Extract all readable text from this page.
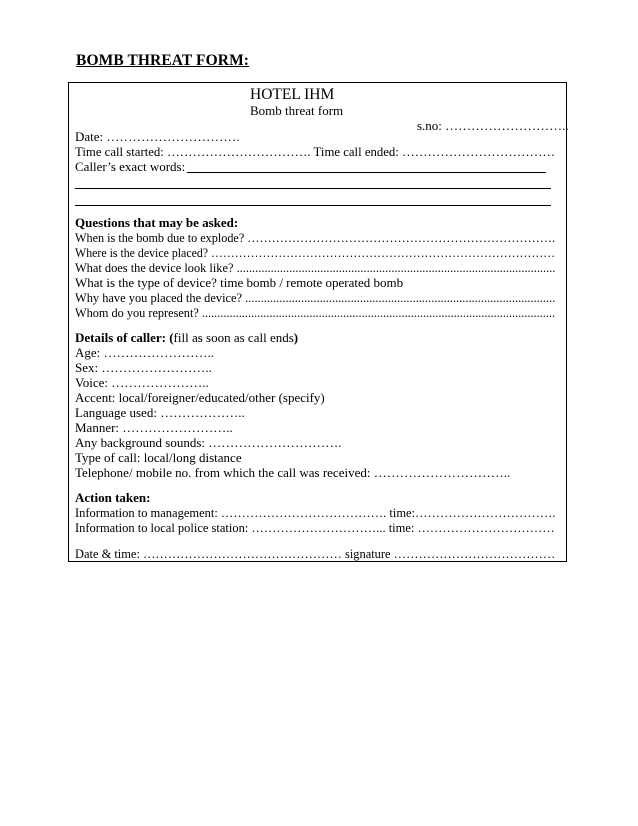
BOMB THREAT FORM:
HOTEL IHM
Bomb threat form
s.no: ………………………..
Date: ………………………….
Time call started: ……………………………. Time call ended: ………………………………
Caller’s exact words:
Questions that may be asked:
When is the bomb due to explode? ………………………………………………………………….
Where is the device placed? ……………………………………………………………………………
What does the device look like? .......................................................................................................
What is the type of device? time bomb / remote operated bomb
Why have you placed the device? ....................................................................................................
Whom do you represent? ...................................................................................................................
Details of caller: (fill as soon as call ends)
Age: ……………………..
Sex: ……………………..
Voice: …………………..
Accent: local/foreigner/educated/other (specify)
Language used: ………………..
Manner: ……………………..
Any background sounds: ………………………….
Type of call: local/long distance
Telephone/ mobile no. from which the call was received: …………………………..
Action taken:
Information to management: …………………………………. time:…………………………….
Information to local police station: …………………………... time: ……………………………
Date & time: ………………………………………… signature …………………………………
